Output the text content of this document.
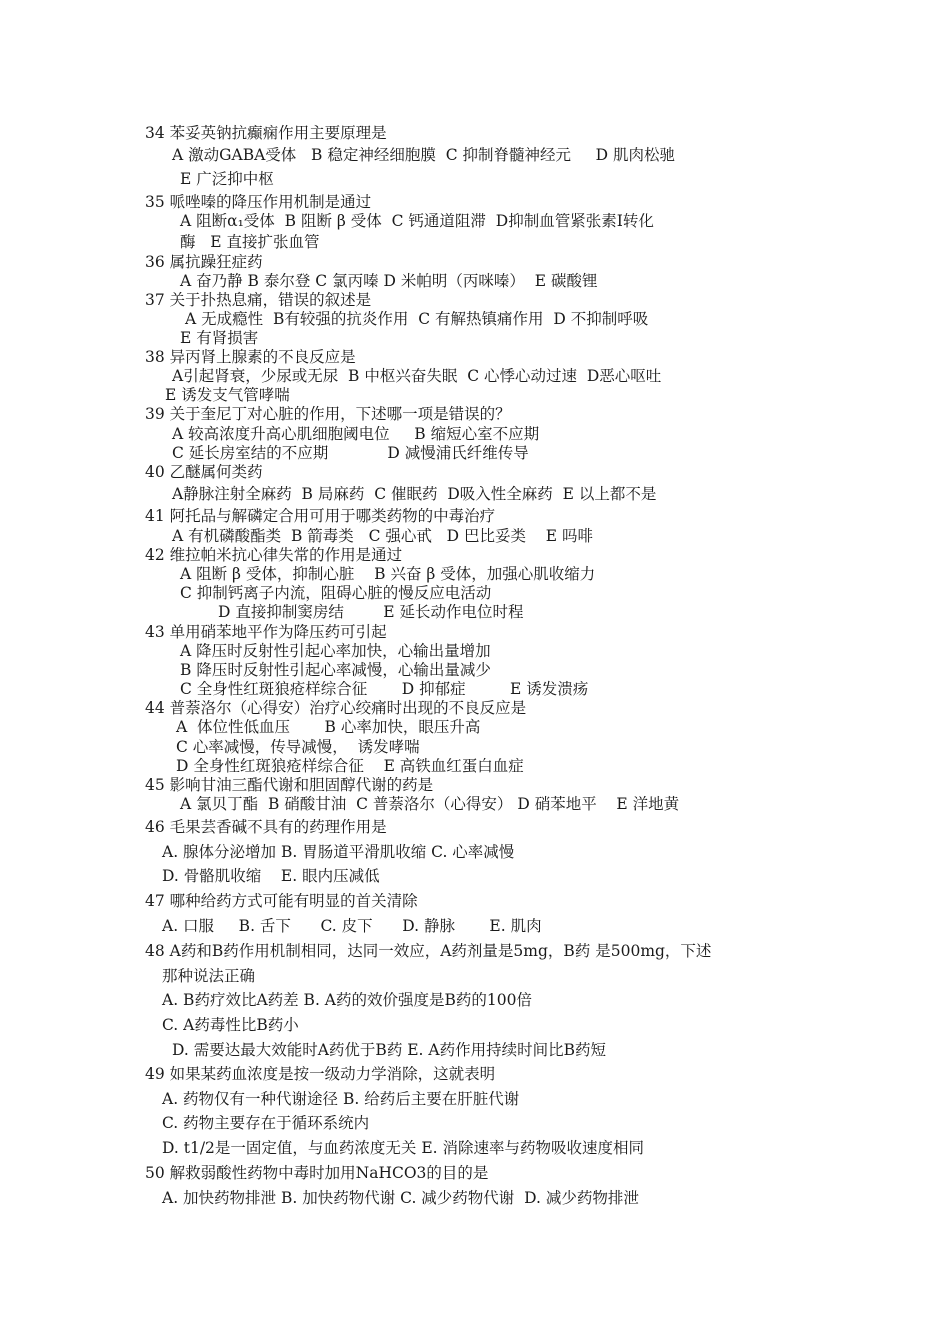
34 苯妥英钠抗癫痫作用主要原理是
A 激动GABA受体   B 稳定神经细胞膜  C 抑制脊髓神经元     D 肌肉松驰
E 广泛抑中枢
35 哌唑嗪的降压作用机制是通过
A 阻断α₁受体  B 阻断 β 受体  C 钙通道阻滞  D抑制血管紧张素Ⅰ转化
酶   E 直接扩张血管
36 属抗躁狂症药
A 奋乃静 B 泰尔登 C 氯丙嗪 D 米帕明（丙咪嗪）  E 碳酸锂
37 关于扑热息痛，错误的叙述是
A 无成瘾性  B有较强的抗炎作用  C 有解热镇痛作用  D 不抑制呼吸
E 有肾损害
38 异丙肾上腺素的不良反应是
A引起肾衰，少尿或无尿  B 中枢兴奋失眠  C 心悸心动过速  D恶心呕吐
E 诱发支气管哮喘
39 关于奎尼丁对心脏的作用，下述哪一项是错误的？
A 较高浓度升高心肌细胞阈电位     B 缩短心室不应期
C 延长房室结的不应期            D 减慢浦氏纤维传导
40 乙醚属何类药
A静脉注射全麻药  B 局麻药  C 催眠药  D吸入性全麻药  E 以上都不是
41 阿托品与解磷定合用可用于哪类药物的中毒治疗
A 有机磷酸酯类  B 箭毒类   C 强心甙   D 巴比妥类    E 吗啡
42 维拉帕米抗心律失常的作用是通过
A 阻断 β 受体，抑制心脏    B 兴奋 β 受体，加强心肌收缩力
C 抑制钙离子内流，阻碍心脏的慢反应电活动
D 直接抑制窦房结        E 延长动作电位时程
43 单用硝苯地平作为降压药可引起
A 降压时反射性引起心率加快，心输出量增加
B 降压时反射性引起心率减慢，心输出量减少
C 全身性红斑狼疮样综合征       D 抑郁症         E 诱发溃疡
44 普萘洛尔（心得安）治疗心绞痛时出现的不良反应是
A  体位性低血压       B 心率加快，眼压升高
C 心率减慢，传导减慢，  诱发哮喘
D 全身性红斑狼疮样综合征    E 高铁血红蛋白血症
45 影响甘油三酯代谢和胆固醇代谢的药是
A 氯贝丁酯  B 硝酸甘油  C 普萘洛尔（心得安） D 硝苯地平    E 洋地黄
46 毛果芸香碱不具有的药理作用是
A. 腺体分泌增加 B. 胃肠道平滑肌收缩 C. 心率减慢
D. 骨骼肌收缩    E. 眼内压减低
47 哪种给药方式可能有明显的首关清除
A. 口服     B. 舌下      C. 皮下      D. 静脉       E. 肌肉
48 A药和B药作用机制相同，达同一效应，A药剂量是5mg，B药 是500mg，下述
那种说法正确
A. B药疗效比A药差 B. A药的效价强度是B药的100倍
C. A药毒性比B药小
D. 需要达最大效能时A药优于B药 E. A药作用持续时间比B药短
49 如果某药血浓度是按一级动力学消除，这就表明
A. 药物仅有一种代谢途径 B. 给药后主要在肝脏代谢
C. 药物主要存在于循环系统内
D. t1/2是一固定值，与血药浓度无关 E. 消除速率与药物吸收速度相同
50 解救弱酸性药物中毒时加用NaHCO3的目的是
A. 加快药物排泄 B. 加快药物代谢 C. 减少药物代谢  D. 减少药物排泄
